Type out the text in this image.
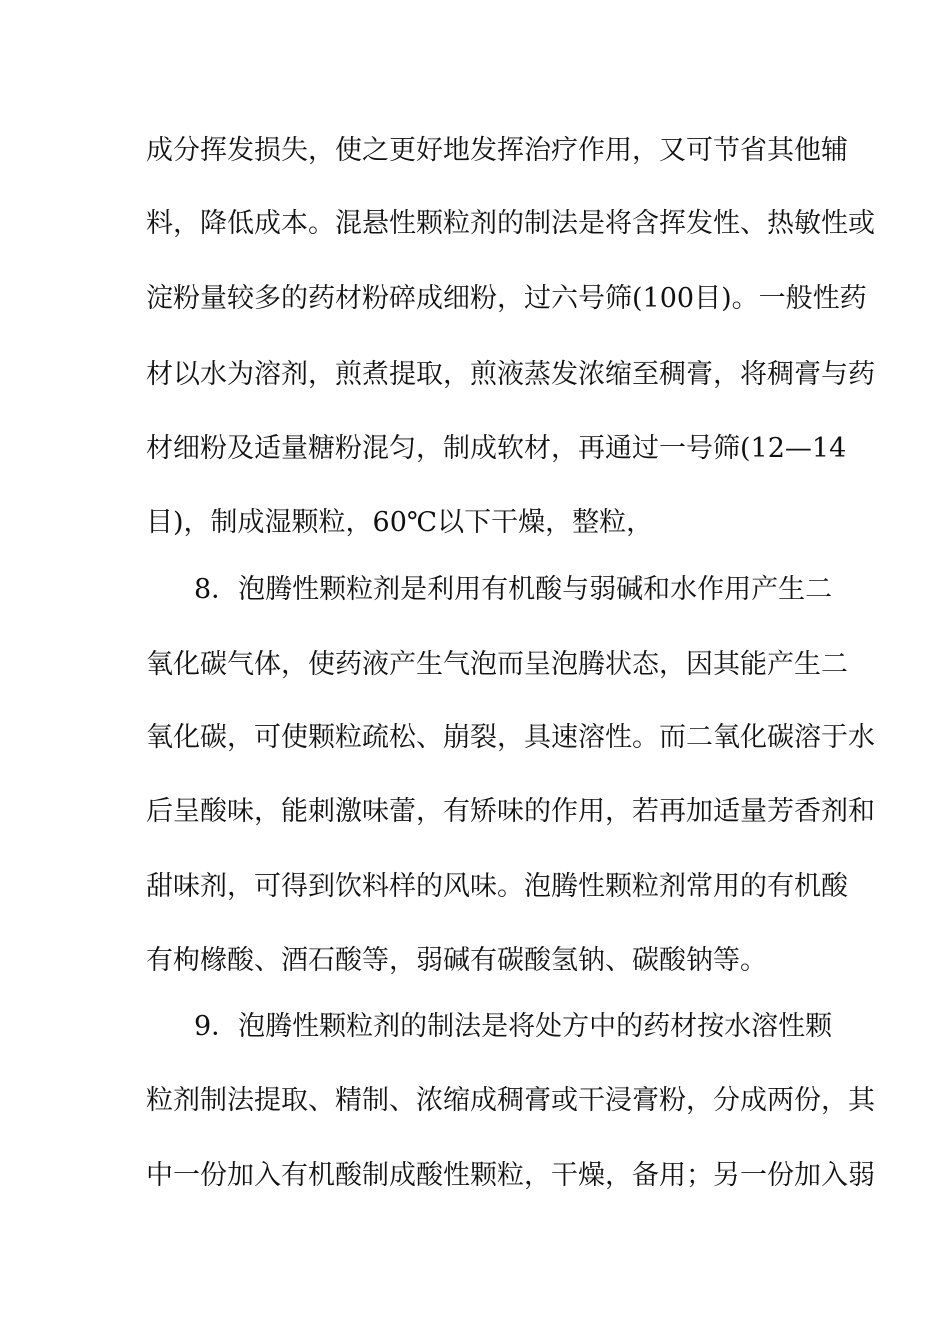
成分挥发损失，使之更好地发挥治疗作用，又可节省其他辅
料，降低成本。混悬性颗粒剂的制法是将含挥发性、热敏性或
淀粉量较多的药材粉碎成细粉，过六号筛(100目)。一般性药
材以水为溶剂，煎煮提取，煎液蒸发浓缩至稠膏，将稠膏与药
材细粉及适量糖粉混匀，制成软材，再通过一号筛(12—14
目)，制成湿颗粒，60℃以下干燥，整粒，
8．泡腾性颗粒剂是利用有机酸与弱碱和水作用产生二
氧化碳气体，使药液产生气泡而呈泡腾状态，因其能产生二
氧化碳，可使颗粒疏松、崩裂，具速溶性。而二氧化碳溶于水
后呈酸味，能刺激味蕾，有矫味的作用，若再加适量芳香剂和
甜味剂，可得到饮料样的风味。泡腾性颗粒剂常用的有机酸
有枸橼酸、酒石酸等，弱碱有碳酸氢钠、碳酸钠等。
9．泡腾性颗粒剂的制法是将处方中的药材按水溶性颗
粒剂制法提取、精制、浓缩成稠膏或干浸膏粉，分成两份，其
中一份加入有机酸制成酸性颗粒，干燥，备用；另一份加入弱
